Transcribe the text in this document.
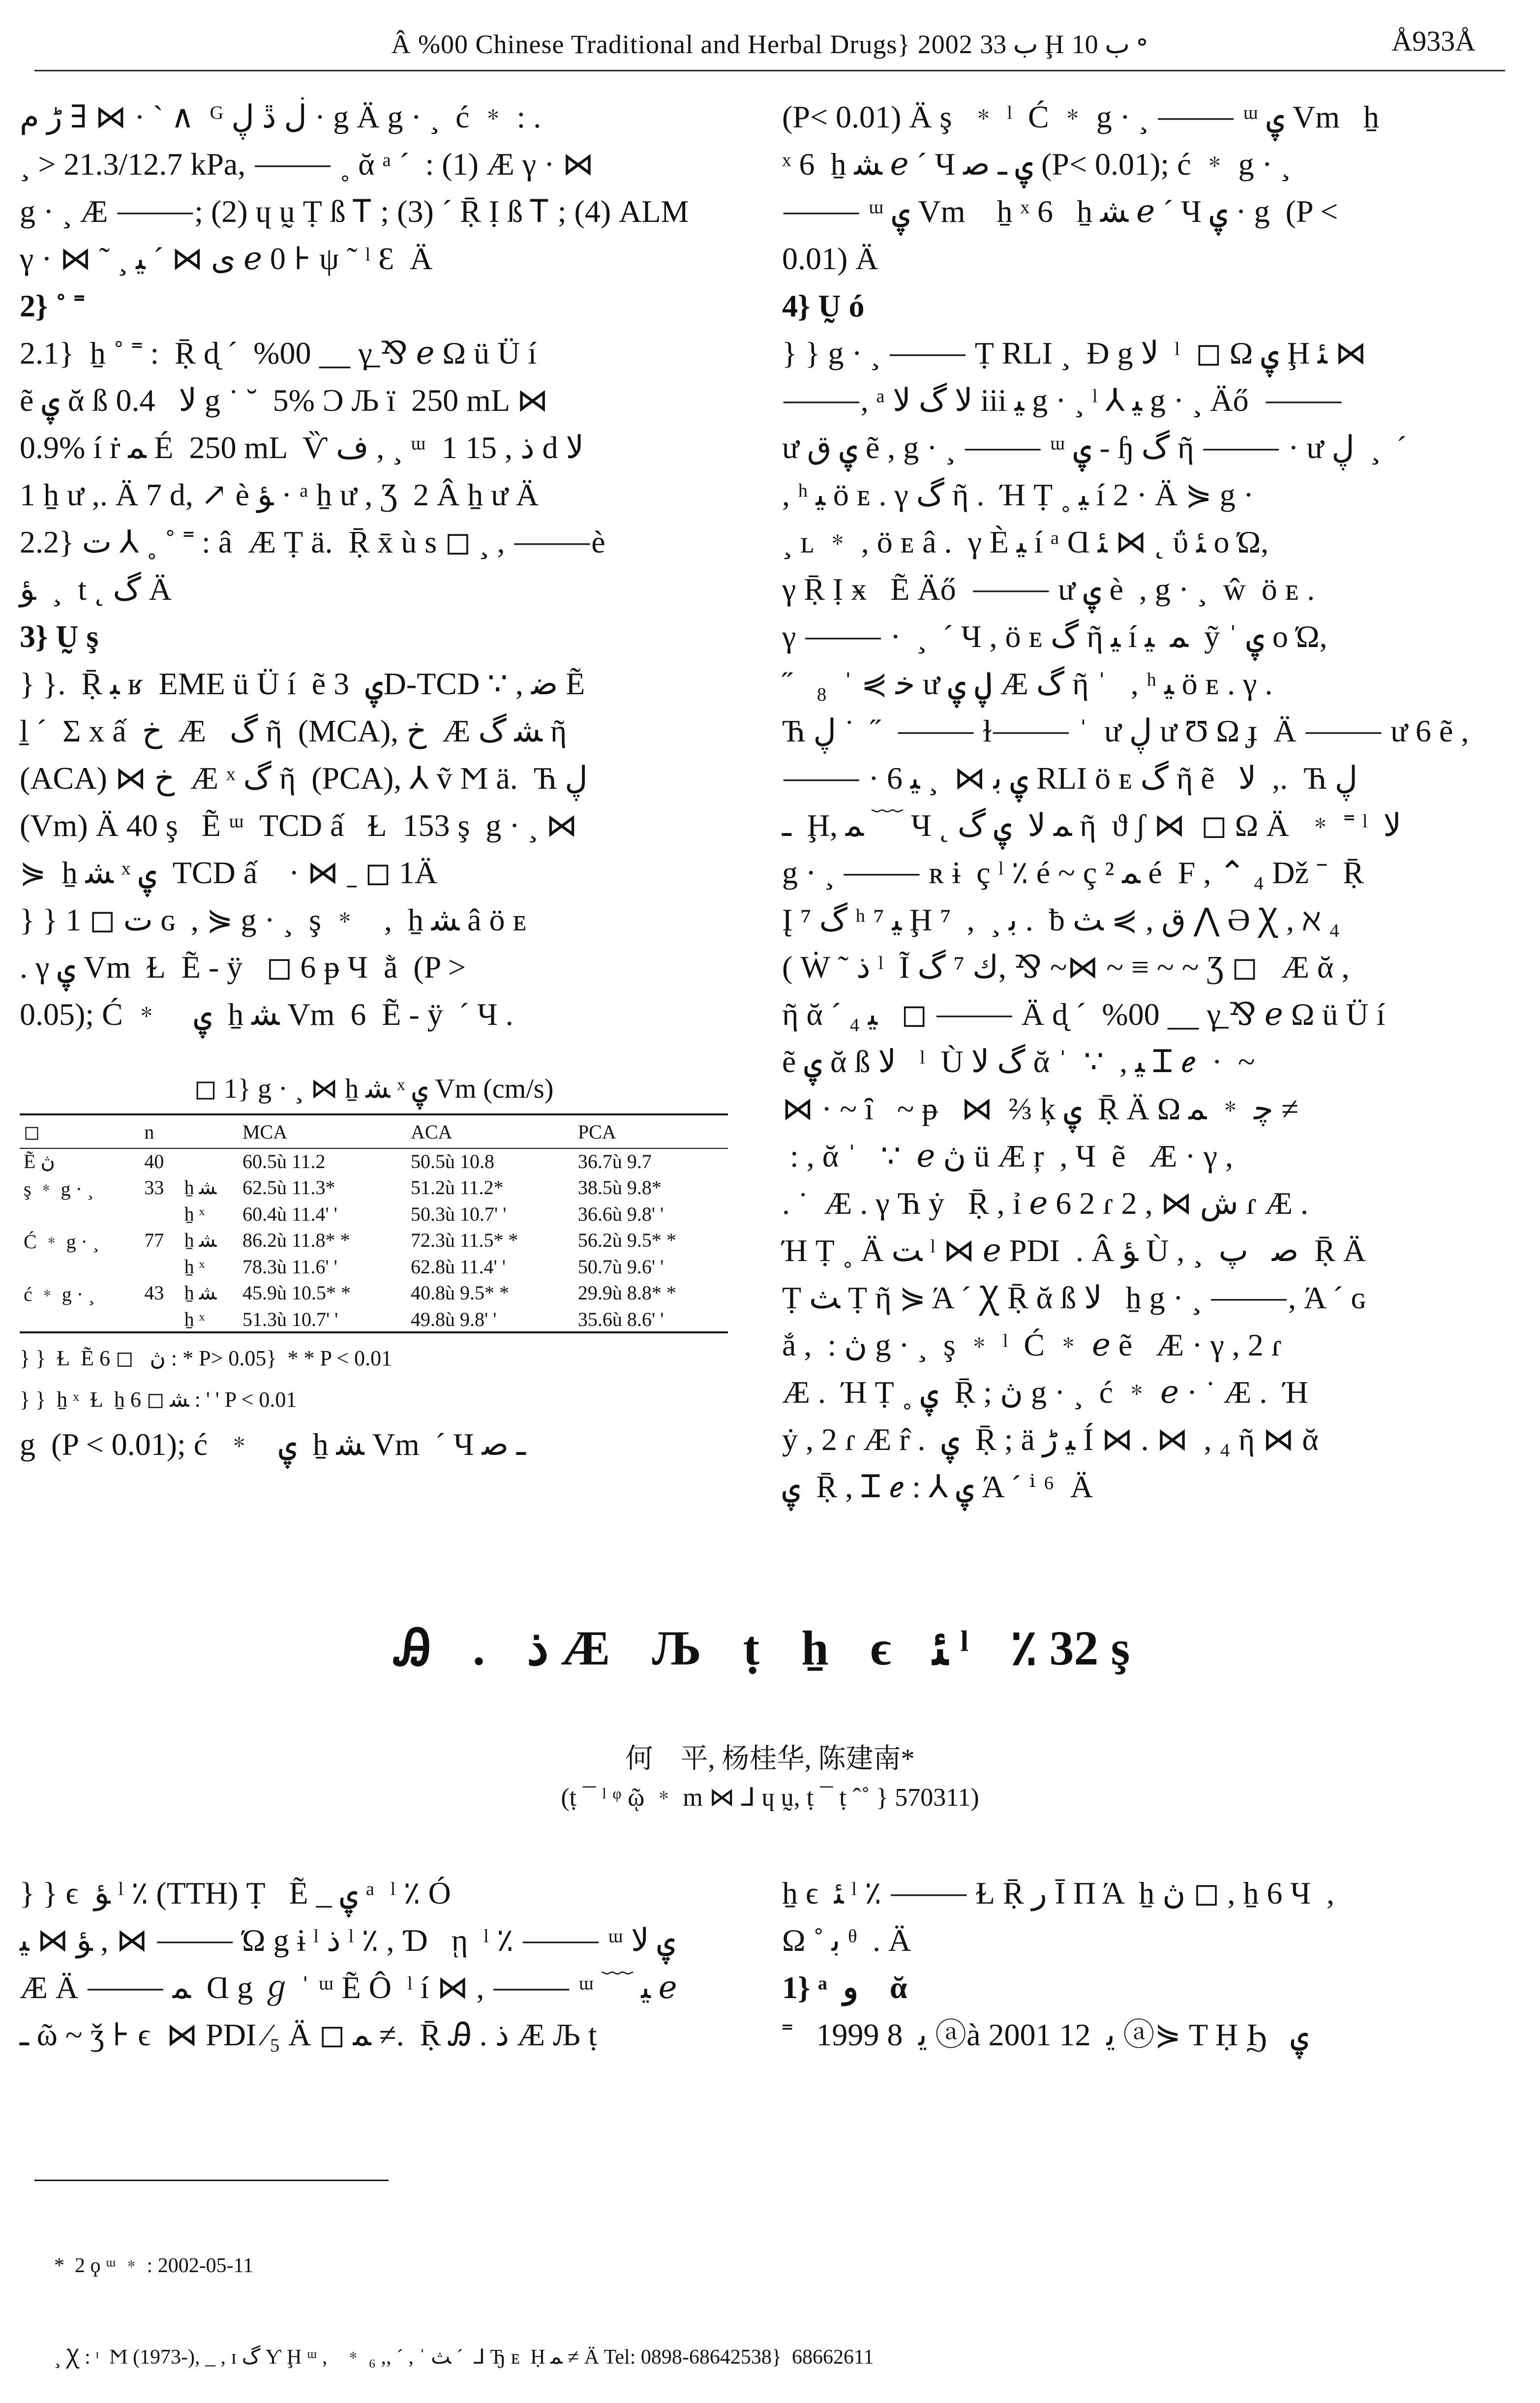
Â %00 Chinese Traditional and Herbal Drugs} 2002 ب 33 Ḩ ب 10 ॰	Å933Å

ڑ ﻡ ∃ ⋈ · ` ∧  ᴳ ڶ ڐ ڸ · g Ä g · ¸  ć ﹡ : .

¸ > 21.3/12.7 kPa, ⸻ ˳ ᾰ ᵃ ´  : (1) Æ γ · ⋈

g · ¸ Æ ⸻; (2) ɥ ṵ Ṭ ß Ꭲ ; (3) ´ Ṝ Ị ß Ꭲ ; (4) ALM

γ · ⋈ ˜ ¸ ى ⋈ ´ ﻴ ℯ 0 ⊦ ψ ˜ ˡ Ɛ  Ä

2} ˚ ˭

2.1}  ẖ ˚ ˭ :  Ṝ d̨ ´  %00 ⸏ γ̲ ⅋ ℯ Ω ü Ü í

ẽ ۑ ᾰ ß ﻻ   0.4 g ˙ ˘  5% Ͻ Љ ï  250 mL ⋈

0.9% í ṙ ﻤ É  250 mL  Ѷ ف , ¸ ᵚ  1 ﺫ , 15 d ﻻ

1 ẖ ư ,. Ä 7 d, ↗ è ﺆ · ᵃ ẖ ư , Ʒ  2 Â ẖ ư Ä

2.2} ت ⅄ ˳ ˚ ˭ : â  Æ Ṭ ä.  Ṝ x̄ ù s ◻ ¸ , ⸻è

ﺆ  ¸  t ˛ گ Ä

3} Ṵ ş

} }.  Ṝ ﺒ ʁ  EME ü Ü í  ẽ ۑ  3D-TCD ∵ , ﺿ Ẽ

ḻ ´  Σ x ấ  ﺥ  Æ   گ ῆ  (MCA), ﺥ  Æ ﺸ گ ῆ

(ACA) ⋈ ﺥ  Æ ˣ گ ῆ  (PCA), ⅄ ṽ Ϻ ä.  Ћ ڸ

(Vm) Ä 40 ş   Ẽ ᵚ  TCD ấ   Ɫ  153 ş  g · ¸ ⋈

⋟  ẖ ﺸ ˣ ۑ  TCD ấ    · ⋈ ˍ ◻ 1Ä

} } ﺕ ◻ 1 ɢ  , ⋟ g · ¸  ş ﹡   ,  ẖ ﺸ â ö ᴇ

. γ ۑ Vm  Ɫ  Ẽ - ÿ   ◻ 6 ᵽ Ч  ằ  (P >

0.05); Ć ﹡    ۑ  ẖ ﺸ Vm  6  Ẽ - ÿ  ´ Ч .

◻ 1} g · ¸ ⋈ ẖ ﺸ ˣ ۑ Vm (cm/s)
◻	n		MCA	ACA	PCA
Ẽ ڽ	40		60.5ù 11.2	50.5ù 10.8	36.7ù 9.7
ş ﹡ g · ¸	33	ẖ ﺸ	62.5ù 11.3*	51.2ù 11.2*	38.5ù 9.8*
		ẖ ˣ	60.4ù 11.4' '	50.3ù 10.7' '	36.6ù 9.8' '
Ć ﹡ g · ¸	77	ẖ ﺸ	86.2ù 11.8* *	72.3ù 11.5* *	56.2ù 9.5* *
		ẖ ˣ	78.3ù 11.6' '	62.8ù 11.4' '	50.7ù 9.6' '
ć ﹡ g · ¸	43	ẖ ﺸ	45.9ù 10.5* *	40.8ù 9.5* *	29.9ù 8.8* *
		ẖ ˣ	51.3ù 10.7' '	49.8ù 9.8' '	35.6ù 8.6' '
} }  Ɫ  Ẽ ڽ   ◻ 6 : * P> 0.05}  * * P < 0.01
} }  ẖ ˣ  Ɫ  ẖ ﺸ ◻ 6 : ' ' P < 0.01
g  (P < 0.01); ć  ﹡   ۑ  ẖ ﺸ Vm  ´ Ч ـ ﺻ

(P< 0.01) Ä ş  ﹡ ˡ  Ć ﹡ g · ¸ ⸻ ᵚ ۑ Vm   ẖ

ˣ 6  ẖ ﺸ ℯ ´ Ч ۑ ـ ﺻ (P< 0.01); ć ﹡ g · ¸

⸻ ᵚ ۑ Vm    ẖ ˣ 6   ẖ ﺸ ℯ ´ Ч ۑ · g  (P <

0.01) Ä

4} Ṵ ó

} } g · ¸ ⸻ Ṭ RLI ¸  Ð g ﻻ  ˡ  ◻ Ω ۑ Ḩ ﺌ ⋈

⸻, ᵃ ﻻ گ ﻻ iii ﻴ g · ¸ ˡ ⅄ ﻴ g · ¸ Äő  ⸻

ư ۑ ﻕ ẽ , g · ¸ ⸻ ᵚ ۑ - ɧ گ ῆ ⸻ · ư ڸ  ¸  ´

, ʰ ﻴ ö ᴇ . γ گ ῆ .  Ή Ṭ ˳ ﻴ í 2 · Ä ⋟ g ·

¸ ʟ ﹡ , ö ᴇ â .  γ È ﻴ í ᵃ Ɑ ﺌ ⋈ ˛ ΰ ﺌ o Ώ,

γ Ṝ Ị ӿ   Ẽ Äő  ⸻ ư ۑ è  , g · ¸  ŵ  ö ᴇ .

γ ⸻ ·  ¸  ´ Ч , ö ᴇ گ ῆ ﻴ í ﻤ  ﻴ  ỹ ˈ ۑ o Ώ,

˝   ﺧ ⋟ ˈ  ₈ ư ڸ ۑ Æ گ ῆ ˈ   , ʰ ﻴ ö ᴇ . γ .

Ћ ڸ ˙  ˝  ⸻ ɫ⸻ ˈ  ư ڸ ư Ʊ Ω ɟ  Ä ⸻ ư 6 ẽ ,

⸻ · 6 ۑ ﺑ ⋈  ¸ ﻴ RLI ö ᴇ گ ῆ ẽ   ﻻ  ,.  Ћ ڸ

ـ  Ḩ, ﻤ ﹋ Ч ˛ ﻤ ﻻ  ۑ گ ῆ  ϑ ʃ ⋈  ◻ Ω Ä  ﹡ ˭ ˡ  ﻻ

g · ¸ ⸻ ʀ ɨ  ç ˡ ٪ é ~ ç ﻤ ² é  F , ⌃ ₄ Dž ˉ  Ṝ

Į ⁷ گ ʰ ﻴ ⁷ Ḩ ⁷  ,  ¸ ﺑ .  ƀ ﻕ , ⋟ ﺚ ⋀ Ə Ꭓ , ℵ ₄

( Ẇ ˜ ﺫ ˡ  Ĩ ﻙ ⁷ گ, ⅋ ~⋈ ~ ≡ ~ ~ Ʒ ◻   Æ ᾰ ,

ῆ ᾰ ´ ₄ ﻴ   ◻ ⸻ Ä d̨ ´  %00 ⸏ γ̲ ⅋ ℯ Ω ü Ü í

ẽ ۑ ᾰ ß ﻻ   ˡ  Ù گ ﻻ ᾰ ˈ  ∵  , ﻴ Ꮖ ℯ  ·  ~

⋈ · ~ ȋ   ~ ᵽ   ⋈  ⅔ ķ ۑ  Ṝ Ä Ω ﭼ ﹡ ﻤ ≠

: , ᾰ ˈ   ∵  ℯ ڽ ü Æ ŗ  , Ч  ẽ   Æ · γ ,

. ˙  Æ . γ Ћ ẏ   Ṝ , ỉ ℯ 6 2 ɾ ش ⋈ , 2 ɾ Æ .

Ή Ṭ ˳ Ä ﺖ ˡ ⋈ ℯ PDI  . Â ﺆ Ù , ¸  ﺻ   ﭖ  Ṝ Ä

Ṭ ﺚ Ṭ ῆ ⋟ Ά ´ Ꭓ Ṝ ᾰ ß ﻻ   ẖ g · ¸ ⸻, Ά ´ ɢ

ắ ,  : ڽ g · ¸  ş ﹡ ˡ  Ć ﹡ ℯ ẽ   Æ · γ , 2 ɾ

Æ .  Ή Ṭ ˳ ۑ  Ṝ ; ڽ g · ¸  ć ﹡ ℯ · ˙ Æ .  Ή

ẏ , 2 ɾ Æ r̂ .  ۑ  Ṝ ; ä ﻴ ڑ Í ⋈ . ⋈  , ₄ ῆ ⋈ ᾰ

ۑ  Ṝ , Ꮖ ℯ : ⅄ ۑ Ά ´ ⁱ ⁶  Ä

Ꭿ . ﺫ Æ Љ ṭ ẖ ϵ ﺌ ˡ ٪ 32 ş
何　平, 杨桂华, 陈建南*
(ṭ ¯ ˡ ᵠ ῷ ﹡ m ⋈ ⅃ ɥ ṵ, ṭ ¯ ṭ ˆ˚ } 570311)

} } ϵ  ﺆ ˡ ٪ (TTH) Ṭ   Ẽ _ ۑ ᵃ  ˡ ٪ Ó

ﺆ ⋈ ﻴ , ⋈ ⸻ Ώ g ɨ ˡ ﺫ ˡ ٪ , Ɗ   ῃ  ˡ ٪ ⸻ ᵚ ۑ ﻻ

Æ Ä ⸻ ﻤ  Ɑ g ℊ ˈ ᵚ Ẽ Ô  ˡ í ⋈ , ⸻ ᵚ ﹋ ﻴ ℯ

ـ ῶ ~ ǯ ⊦ ϵ  ⋈ PDI ⁄₅ Ä ◻ ﻤ ≠.  Ṝ Ꭿ . ﺫ Æ Љ ṭ

ẖ ϵ  ﺌ ˡ ٪ ⸻ Ɫ Ṝ ﺭ Ī Π Ά  ẖ ڽ ◻ , ẖ 6 Ч  ,

Ω ˚ ﺑ ᶿ  . Ä

1} ᵃ  ﻭ    ᾰ

˭   1999 ﻳ  8 ⓐà 2001 ﻳ  12 ⓐ⋟ T Ḥ Ϧ   ۑ

*  2 ϙ ᵚ ﹡ : 2002-05-11

¸ Ꭓ : ᶦ  Ϻ (1973-), _ , ɪ گ Ƴ Ḩ ᵚ ,   ﹡ ₆ ,, ´ , ˈ ﺚ ´  ⅃ Ђ ᴇ  Ḥ ﻤ ≠ Ä Tel: 0898-68642538}  68662611
